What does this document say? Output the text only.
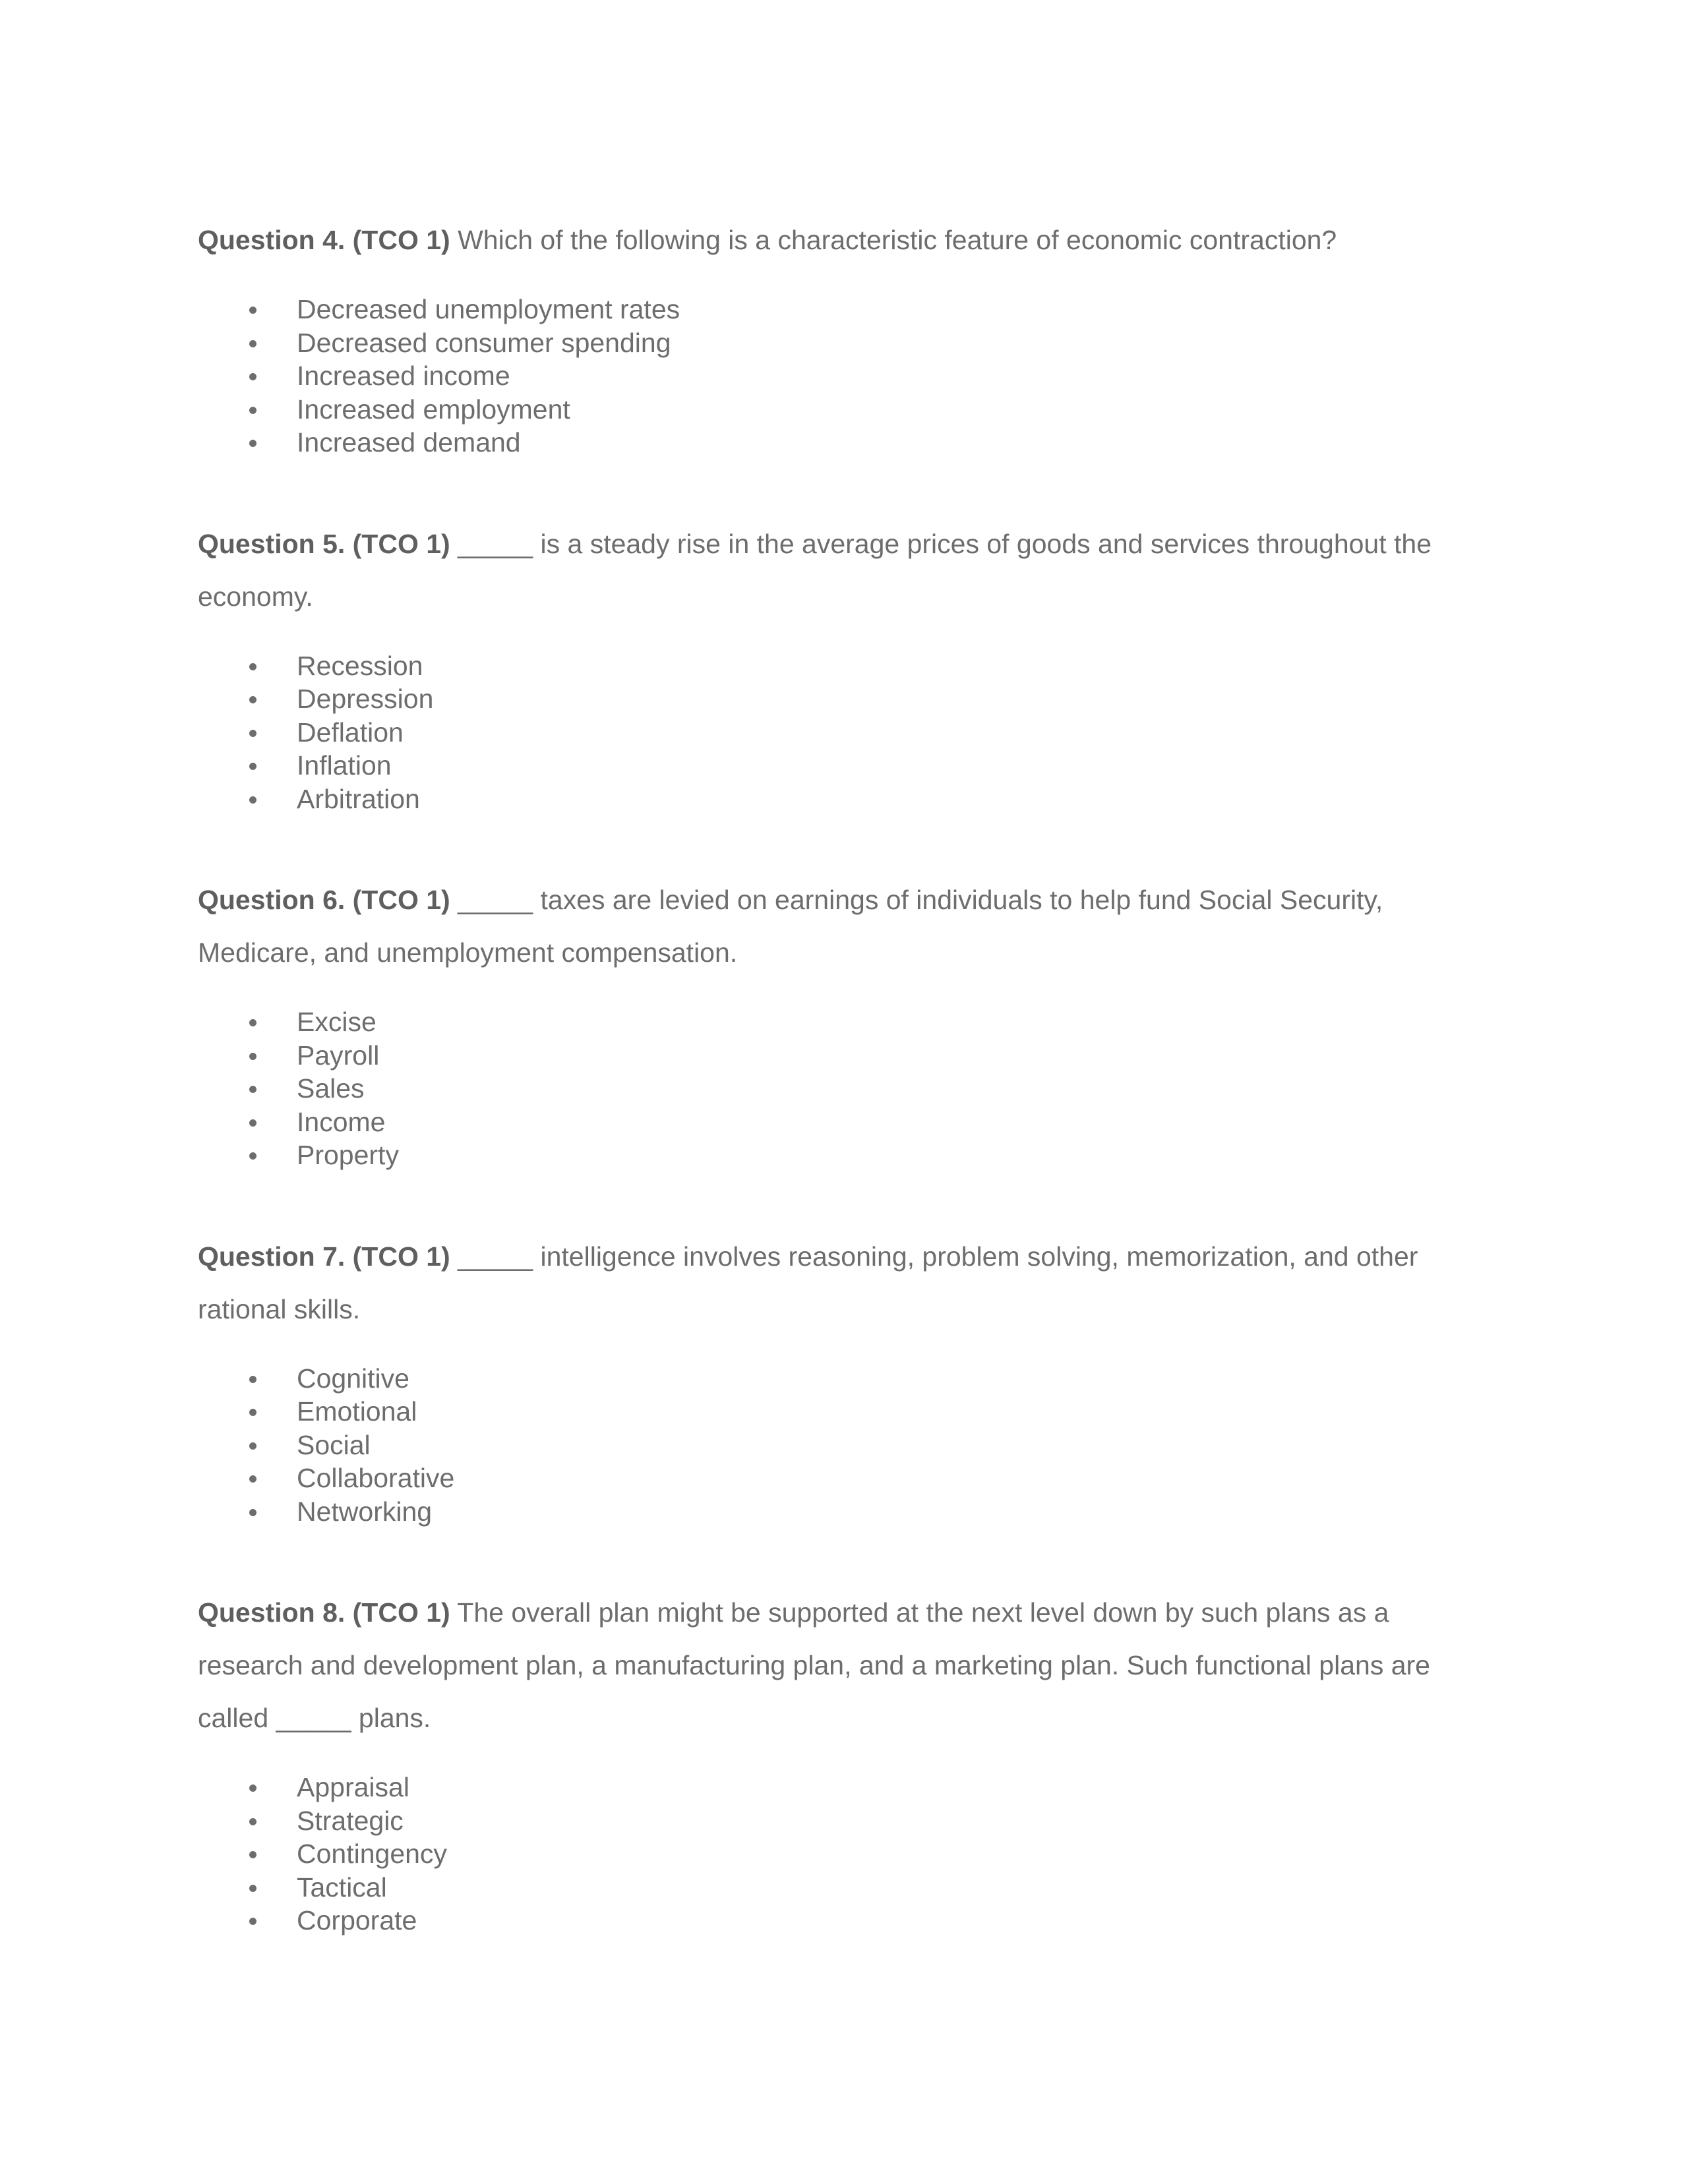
Question 4. (TCO 1) Which of the following is a characteristic feature of economic contraction?

Decreased unemployment rates
Decreased consumer spending
Increased income
Increased employment
Increased demand

Question 5. (TCO 1) _____ is a steady rise in the average prices of goods and services throughout the economy.

Recession
Depression
Deflation
Inflation
Arbitration

Question 6. (TCO 1) _____ taxes are levied on earnings of individuals to help fund Social Security, Medicare, and unemployment compensation.

Excise
Payroll
Sales
Income
Property

Question 7. (TCO 1) _____ intelligence involves reasoning, problem solving, memorization, and other rational skills.

Cognitive
Emotional
Social
Collaborative
Networking

Question 8. (TCO 1) The overall plan might be supported at the next level down by such plans as a research and development plan, a manufacturing plan, and a marketing plan. Such functional plans are called _____ plans.

Appraisal
Strategic
Contingency
Tactical
Corporate
